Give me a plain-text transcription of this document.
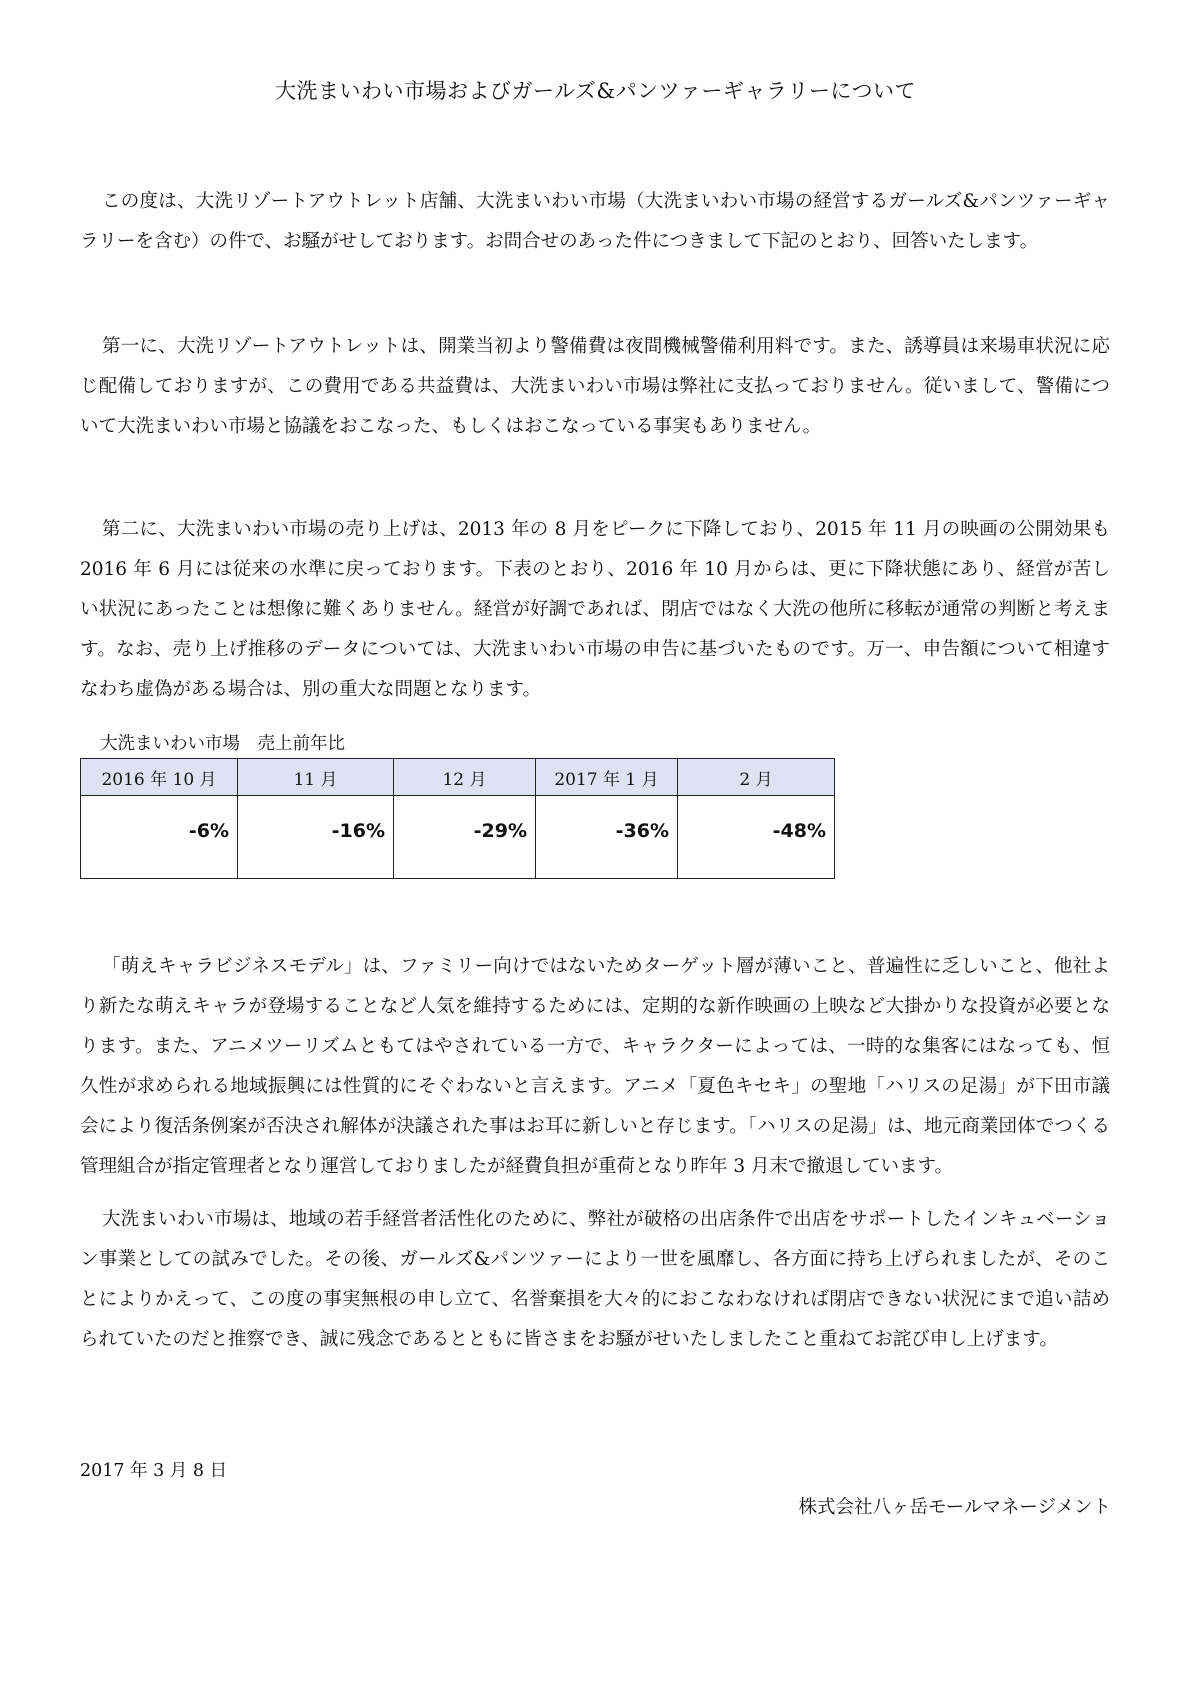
大洗まいわい市場およびガールズ&パンツァーギャラリーについて

この度は、大洗リゾートアウトレット店舗、大洗まいわい市場（大洗まいわい市場の経営するガールズ&パンツァーギャラリーを含む）の件で、お騒がせしております。お問合せのあった件につきまして下記のとおり、回答いたします。

第一に、大洗リゾートアウトレットは、開業当初より警備費は夜間機械警備利用料です。また、誘導員は来場車状況に応じ配備しておりますが、この費用である共益費は、大洗まいわい市場は弊社に支払っておりません。従いまして、警備について大洗まいわい市場と協議をおこなった、もしくはおこなっている事実もありません。

第二に、大洗まいわい市場の売り上げは、2013 年の 8 月をピークに下降しており、2015 年 11 月の映画の公開効果も 2016 年 6 月には従来の水準に戻っております。下表のとおり、2016 年 10 月からは、更に下降状態にあり、経営が苦しい状況にあったことは想像に難くありません。経営が好調であれば、閉店ではなく大洗の他所に移転が通常の判断と考えます。なお、売り上げ推移のデータについては、大洗まいわい市場の申告に基づいたものです。万一、申告額について相違すなわち虚偽がある場合は、別の重大な問題となります。

大洗まいわい市場　売上前年比
2016 年 10 月	11 月	12 月	2017 年 1 月	2 月
-6%	-16%	-29%	-36%	-48%

「萌えキャラビジネスモデル」は、ファミリー向けではないためターゲット層が薄いこと、普遍性に乏しいこと、他社より新たな萌えキャラが登場することなど人気を維持するためには、定期的な新作映画の上映など大掛かりな投資が必要となります。また、アニメツーリズムともてはやされている一方で、キャラクターによっては、一時的な集客にはなっても、恒久性が求められる地域振興には性質的にそぐわないと言えます。アニメ「夏色キセキ」の聖地「ハリスの足湯」が下田市議会により復活条例案が否決され解体が決議された事はお耳に新しいと存じます。「ハリスの足湯」は、地元商業団体でつくる管理組合が指定管理者となり運営しておりましたが経費負担が重荷となり昨年 3 月末で撤退しています。

大洗まいわい市場は、地域の若手経営者活性化のために、弊社が破格の出店条件で出店をサポートしたインキュベーション事業としての試みでした。その後、ガールズ&パンツァーにより一世を風靡し、各方面に持ち上げられましたが、そのことによりかえって、この度の事実無根の申し立て、名誉棄損を大々的におこなわなければ閉店できない状況にまで追い詰められていたのだと推察でき、誠に残念であるとともに皆さまをお騒がせいたしましたこと重ねてお詫び申し上げます。

2017 年 3 月 8 日
株式会社八ヶ岳モールマネージメント
